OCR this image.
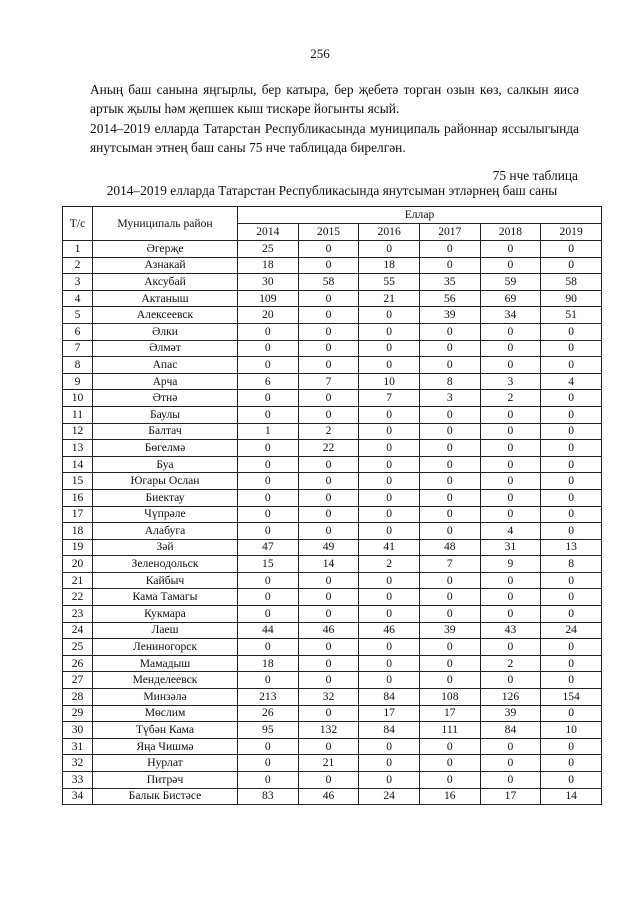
256

Аның баш санына яңгырлы, бер катыра, бер җебетә торган озын көз, салкын яисә артык җылы һәм җепшек кыш тискәре йогынты ясый.

2014–2019 елларда Татарстан Республикасында муниципаль районнар яссылыгында янутсыман этнең баш саны 75 нче таблицада бирелгән.

75 нче таблица
2014–2019 елларда Татарстан Республикасында янутсыман этләрнең баш саны
Т/с	Муниципаль район	Еллар					
		2014	2015	2016	2017	2018	2019
1	Әгерҗе	25	0	0	0	0	0
2	Азнакай	18	0	18	0	0	0
3	Аксубай	30	58	55	35	59	58
4	Актаныш	109	0	21	56	69	90
5	Алексеевск	20	0	0	39	34	51
6	Әлки	0	0	0	0	0	0
7	Әлмәт	0	0	0	0	0	0
8	Апас	0	0	0	0	0	0
9	Арча	6	7	10	8	3	4
10	Әтнә	0	0	7	3	2	0
11	Баулы	0	0	0	0	0	0
12	Балтач	1	2	0	0	0	0
13	Бөгелмә	0	22	0	0	0	0
14	Буа	0	0	0	0	0	0
15	Югары Ослан	0	0	0	0	0	0
16	Биектау	0	0	0	0	0	0
17	Чүпрәле	0	0	0	0	0	0
18	Алабуга	0	0	0	0	4	0
19	Зәй	47	49	41	48	31	13
20	Зеленодольск	15	14	2	7	9	8
21	Кайбыч	0	0	0	0	0	0
22	Кама Тамагы	0	0	0	0	0	0
23	Кукмара	0	0	0	0	0	0
24	Лаеш	44	46	46	39	43	24
25	Лениногорск	0	0	0	0	0	0
26	Мамадыш	18	0	0	0	2	0
27	Менделеевск	0	0	0	0	0	0
28	Минзәлә	213	32	84	108	126	154
29	Мөслим	26	0	17	17	39	0
30	Түбән Кама	95	132	84	111	84	10
31	Яңа Чишмә	0	0	0	0	0	0
32	Нурлат	0	21	0	0	0	0
33	Питрәч	0	0	0	0	0	0
34	Балык Бистәсе	83	46	24	16	17	14
